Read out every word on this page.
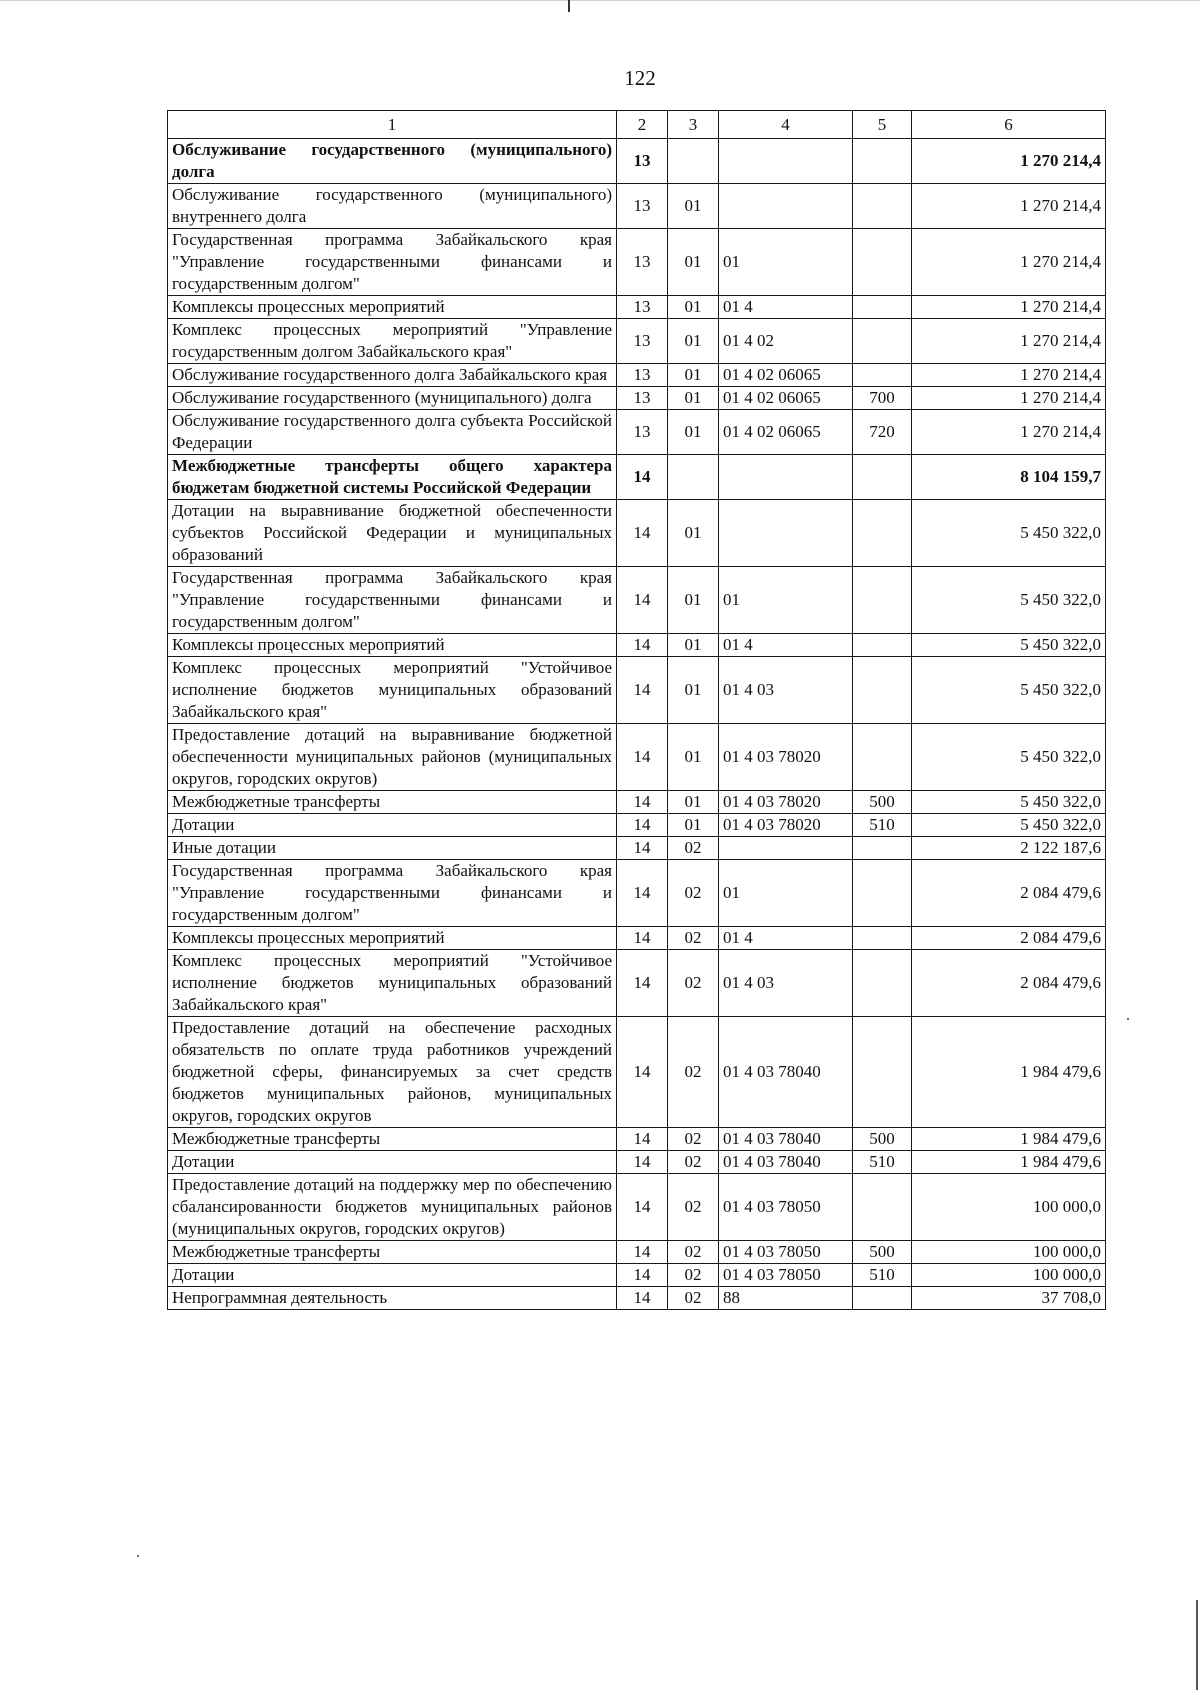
122
1	2	3	4	5	6
Обслуживание государственного (муниципального) долга	13				1 270 214,4
Обслуживание государственного (муниципального) внутреннего долга	13	01			1 270 214,4
Государственная программа Забайкальского края "Управление государственными финансами и государственным долгом"	13	01	01		1 270 214,4
Комплексы процессных мероприятий	13	01	01 4		1 270 214,4
Комплекс процессных мероприятий "Управление государственным долгом Забайкальского края"	13	01	01 4 02		1 270 214,4
Обслуживание государственного долга Забайкальского края	13	01	01 4 02 06065		1 270 214,4
Обслуживание государственного (муниципального) долга	13	01	01 4 02 06065	700	1 270 214,4
Обслуживание государственного долга субъекта Российской Федерации	13	01	01 4 02 06065	720	1 270 214,4
Межбюджетные трансферты общего характера бюджетам бюджетной системы Российской Федерации	14				8 104 159,7
Дотации на выравнивание бюджетной обеспеченности субъектов Российской Федерации и муниципальных образований	14	01			5 450 322,0
Государственная программа Забайкальского края "Управление государственными финансами и государственным долгом"	14	01	01		5 450 322,0
Комплексы процессных мероприятий	14	01	01 4		5 450 322,0
Комплекс процессных мероприятий "Устойчивое исполнение бюджетов муниципальных образований Забайкальского края"	14	01	01 4 03		5 450 322,0
Предоставление дотаций на выравнивание бюджетной обеспеченности муниципальных районов (муниципальных округов, городских округов)	14	01	01 4 03 78020		5 450 322,0
Межбюджетные трансферты	14	01	01 4 03 78020	500	5 450 322,0
Дотации	14	01	01 4 03 78020	510	5 450 322,0
Иные дотации	14	02			2 122 187,6
Государственная программа Забайкальского края "Управление государственными финансами и государственным долгом"	14	02	01		2 084 479,6
Комплексы процессных мероприятий	14	02	01 4		2 084 479,6
Комплекс процессных мероприятий "Устойчивое исполнение бюджетов муниципальных образований Забайкальского края"	14	02	01 4 03		2 084 479,6
Предоставление дотаций на обеспечение расходных обязательств по оплате труда работников учреждений бюджетной сферы, финансируемых за счет средств бюджетов муниципальных районов, муниципальных округов, городских округов	14	02	01 4 03 78040		1 984 479,6
Межбюджетные трансферты	14	02	01 4 03 78040	500	1 984 479,6
Дотации	14	02	01 4 03 78040	510	1 984 479,6
Предоставление дотаций на поддержку мер по обеспечению сбалансированности бюджетов муниципальных районов (муниципальных округов, городских округов)	14	02	01 4 03 78050		100 000,0
Межбюджетные трансферты	14	02	01 4 03 78050	500	100 000,0
Дотации	14	02	01 4 03 78050	510	100 000,0
Непрограммная деятельность	14	02	88		37 708,0
